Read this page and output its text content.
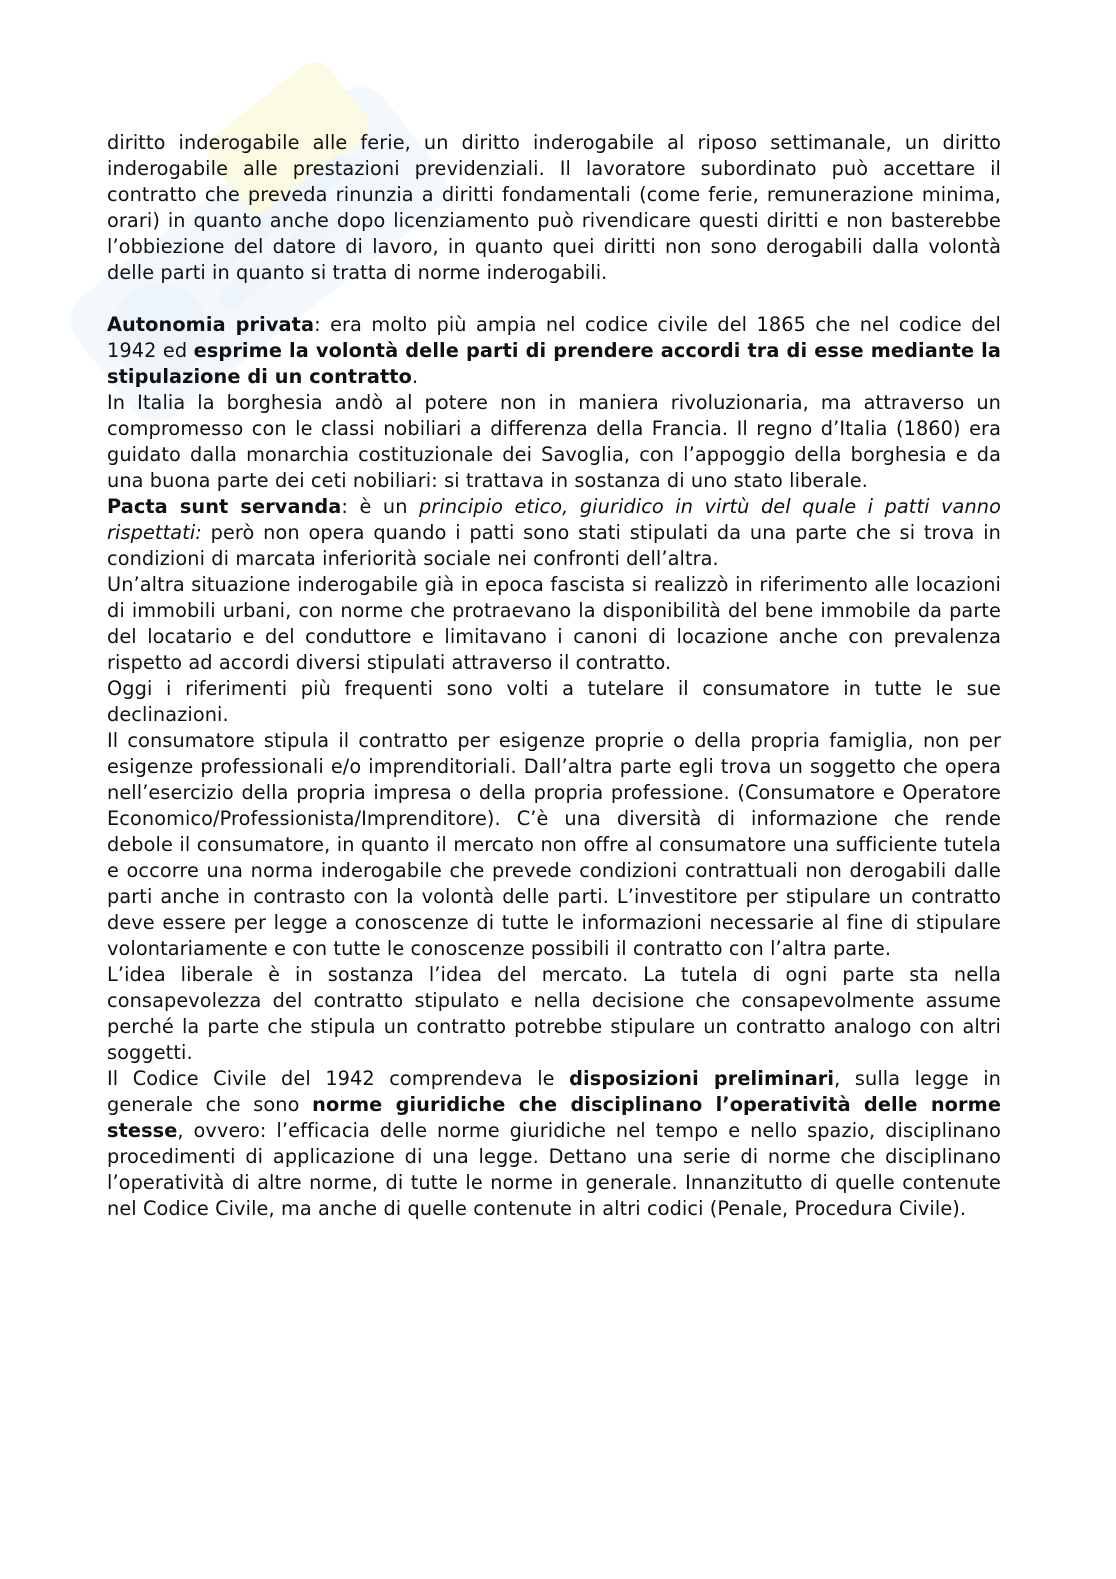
diritto inderogabile alle ferie, un diritto inderogabile al riposo settimanale, un diritto inderogabile alle prestazioni previdenziali. Il lavoratore subordinato può accettare il contratto che preveda rinunzia a diritti fondamentali (come ferie, remunerazione minima, orari) in quanto anche dopo licenziamento può rivendicare questi diritti e non basterebbe l’obbiezione del datore di lavoro, in quanto quei diritti non sono derogabili dalla volontà delle parti in quanto si tratta di norme inderogabili.

Autonomia privata: era molto più ampia nel codice civile del 1865 che nel codice del 1942 ed esprime la volontà delle parti di prendere accordi tra di esse mediante la stipulazione di un contratto.

In Italia la borghesia andò al potere non in maniera rivoluzionaria, ma attraverso un compromesso con le classi nobiliari a differenza della Francia. Il regno d’Italia (1860) era guidato dalla monarchia costituzionale dei Savoglia, con l’appoggio della borghesia e da una buona parte dei ceti nobiliari: si trattava in sostanza di uno stato liberale.

Pacta sunt servanda: è un principio etico, giuridico in virtù del quale i patti vanno rispettati: però non opera quando i patti sono stati stipulati da una parte che si trova in condizioni di marcata inferiorità sociale nei confronti dell’altra.

Un’altra situazione inderogabile già in epoca fascista si realizzò in riferimento alle locazioni di immobili urbani, con norme che protraevano la disponibilità del bene immobile da parte del locatario e del conduttore e limitavano i canoni di locazione anche con prevalenza rispetto ad accordi diversi stipulati attraverso il contratto.

Oggi i riferimenti più frequenti sono volti a tutelare il consumatore in tutte le sue declinazioni.

Il consumatore stipula il contratto per esigenze proprie o della propria famiglia, non per esigenze professionali e/o imprenditoriali. Dall’altra parte egli trova un soggetto che opera nell’esercizio della propria impresa o della propria professione. (Consumatore e Operatore Economico/Professionista/Imprenditore). C’è una diversità di informazione che rende debole il consumatore, in quanto il mercato non offre al consumatore una sufficiente tutela e occorre una norma inderogabile che prevede condizioni contrattuali non derogabili dalle parti anche in contrasto con la volontà delle parti. L’investitore per stipulare un contratto deve essere per legge a conoscenze di tutte le informazioni necessarie al fine di stipulare volontariamente e con tutte le conoscenze possibili il contratto con l’altra parte.

L’idea liberale è in sostanza l’idea del mercato. La tutela di ogni parte sta nella consapevolezza del contratto stipulato e nella decisione che consapevolmente assume perché la parte che stipula un contratto potrebbe stipulare un contratto analogo con altri soggetti.

Il Codice Civile del 1942 comprendeva le disposizioni preliminari, sulla legge in generale che sono norme giuridiche che disciplinano l’operatività delle norme stesse, ovvero: l’efficacia delle norme giuridiche nel tempo e nello spazio, disciplinano procedimenti di applicazione di una legge. Dettano una serie di norme che disciplinano l’operatività di altre norme, di tutte le norme in generale. Innanzitutto di quelle contenute nel Codice Civile, ma anche di quelle contenute in altri codici (Penale, Procedura Civile).
